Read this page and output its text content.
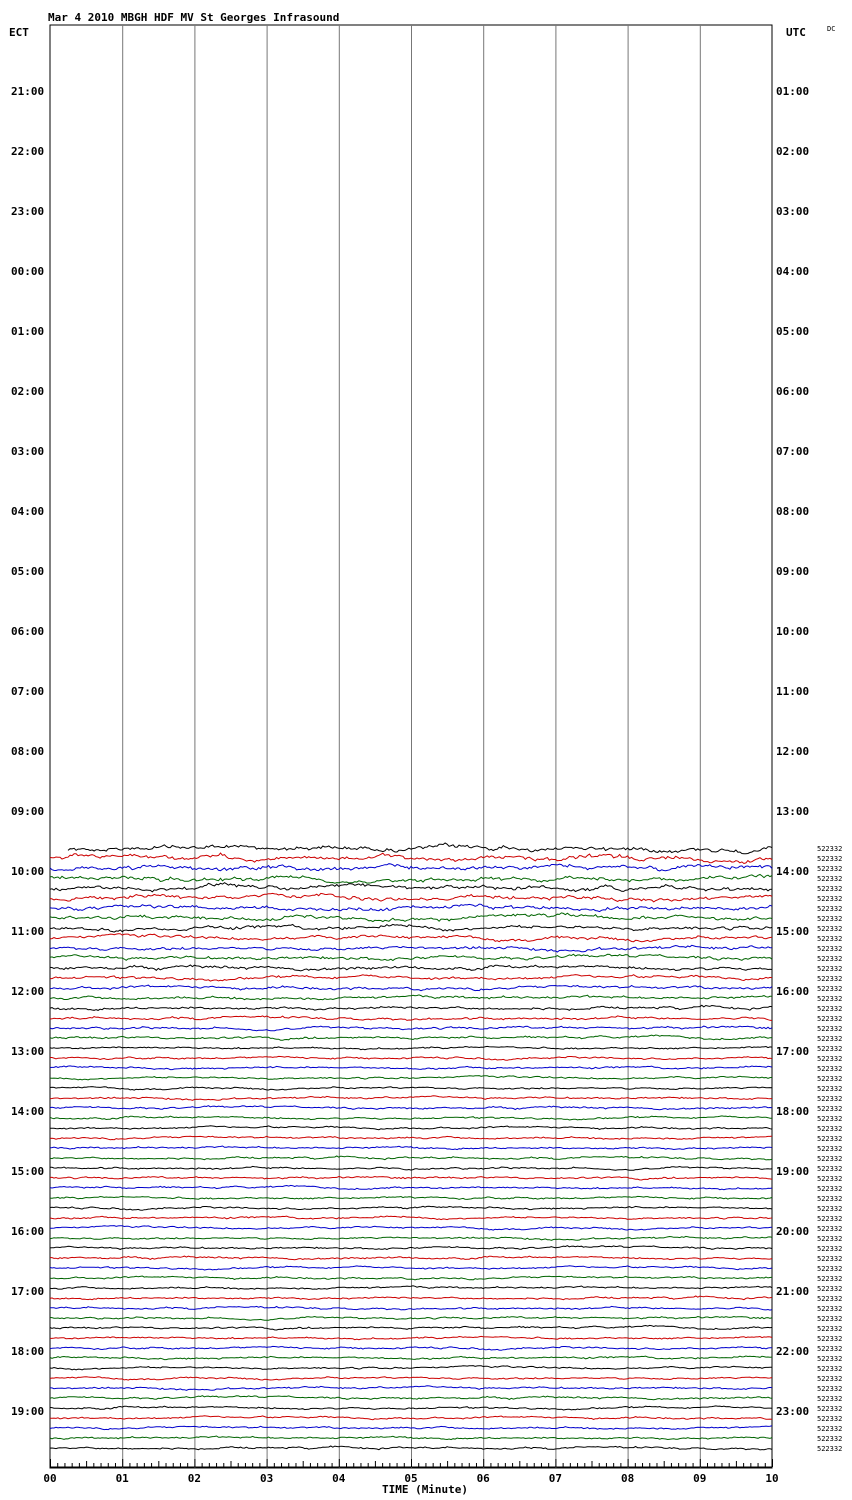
Mar 4 2010 MBGH HDF MV St Georges Infrasound
ECT	UTC	DC
21:00
22:00
23:00
00:00
01:00
02:00
03:00
04:00
05:00
06:00
07:00
08:00
09:00
10:00
11:00
12:00
13:00
14:00
15:00
16:00
17:00
18:00
19:00
01:00
02:00
03:00
04:00
05:00
06:00
07:00
08:00
09:00
10:00
11:00
12:00
13:00
14:00
15:00
16:00
17:00
18:00
19:00
20:00
21:00
22:00
23:00
522332
522332
522332
522332
522332
522332
522332
522332
522332
522332
522332
522332
522332
522332
522332
522332
522332
522332
522332
522332
522332
522332
522332
522332
522332
522332
522332
522332
522332
522332
522332
522332
522332
522332
522332
522332
522332
522332
522332
522332
522332
522332
522332
522332
522332
522332
522332
522332
522332
522332
522332
522332
522332
522332
522332
522332
522332
522332
522332
522332
522332
00	01	02	03	04	05	06	07	08	09	10
TIME (Minute)
